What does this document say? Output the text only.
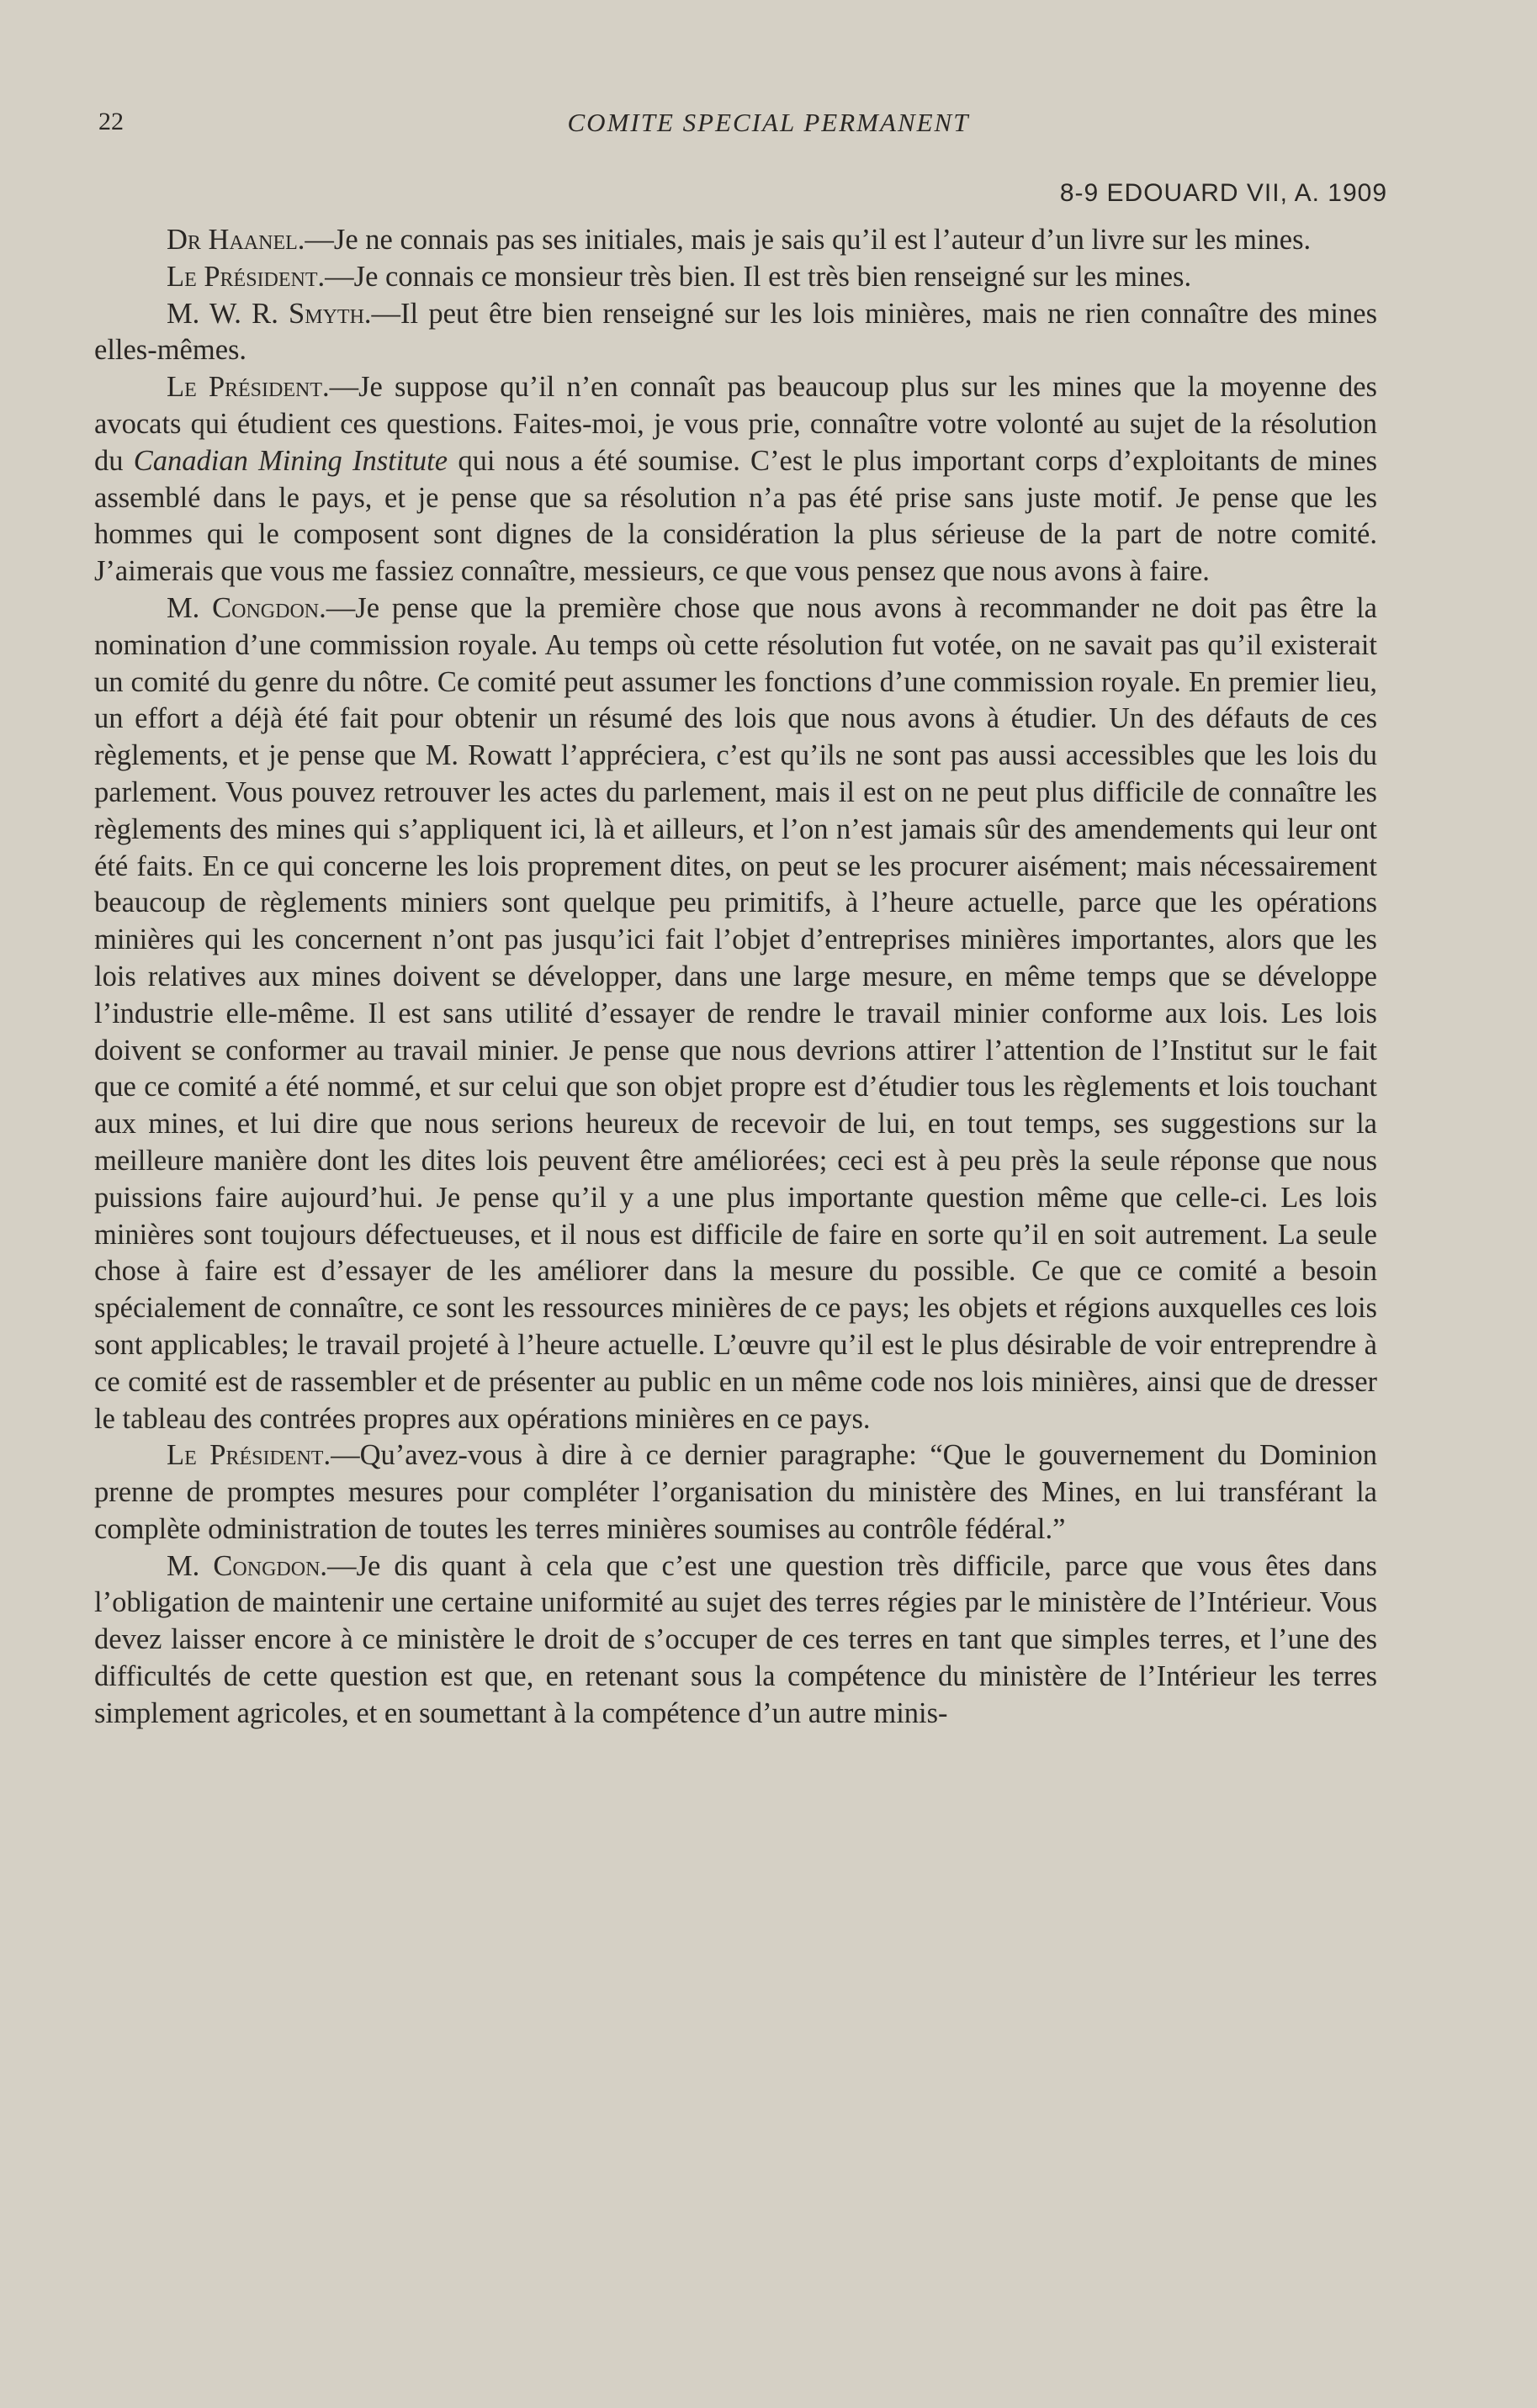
22	COMITE SPECIAL PERMANENT
8-9 EDOUARD VII, A. 1909

Dr Haanel.—Je ne connais pas ses initiales, mais je sais qu’il est l’auteur d’un livre sur les mines.

Le Président.—Je connais ce monsieur très bien. Il est très bien renseigné sur les mines.

M. W. R. Smyth.—Il peut être bien renseigné sur les lois minières, mais ne rien connaître des mines elles-mêmes.

Le Président.—Je suppose qu’il n’en connaît pas beaucoup plus sur les mines que la moyenne des avocats qui étudient ces questions. Faites-moi, je vous prie, connaître votre volonté au sujet de la résolution du Canadian Mining Institute qui nous a été soumise. C’est le plus important corps d’exploitants de mines assemblé dans le pays, et je pense que sa résolution n’a pas été prise sans juste motif. Je pense que les hommes qui le composent sont dignes de la considération la plus sérieuse de la part de notre comité. J’aimerais que vous me fassiez connaître, messieurs, ce que vous pensez que nous avons à faire.

M. Congdon.—Je pense que la première chose que nous avons à recommander ne doit pas être la nomination d’une commission royale. Au temps où cette résolution fut votée, on ne savait pas qu’il existerait un comité du genre du nôtre. Ce comité peut assumer les fonctions d’une commission royale. En premier lieu, un effort a déjà été fait pour obtenir un résumé des lois que nous avons à étudier. Un des défauts de ces règlements, et je pense que M. Rowatt l’appréciera, c’est qu’ils ne sont pas aussi accessibles que les lois du parlement. Vous pouvez retrouver les actes du parlement, mais il est on ne peut plus difficile de connaître les règlements des mines qui s’appliquent ici, là et ailleurs, et l’on n’est jamais sûr des amendements qui leur ont été faits. En ce qui concerne les lois proprement dites, on peut se les procurer aisément; mais nécessairement beaucoup de règlements miniers sont quelque peu primitifs, à l’heure actuelle, parce que les opérations minières qui les concernent n’ont pas jusqu’ici fait l’objet d’entreprises minières importantes, alors que les lois relatives aux mines doivent se développer, dans une large mesure, en même temps que se développe l’industrie elle-même. Il est sans utilité d’essayer de rendre le travail minier conforme aux lois. Les lois doivent se conformer au travail minier. Je pense que nous devrions attirer l’attention de l’Institut sur le fait que ce comité a été nommé, et sur celui que son objet propre est d’étudier tous les règlements et lois touchant aux mines, et lui dire que nous serions heureux de recevoir de lui, en tout temps, ses suggestions sur la meilleure manière dont les dites lois peuvent être améliorées; ceci est à peu près la seule réponse que nous puissions faire aujourd’hui. Je pense qu’il y a une plus importante question même que celle-ci. Les lois minières sont toujours défectueuses, et il nous est difficile de faire en sorte qu’il en soit autrement. La seule chose à faire est d’essayer de les améliorer dans la mesure du possible. Ce que ce comité a besoin spécialement de connaître, ce sont les ressources minières de ce pays; les objets et régions auxquelles ces lois sont applicables; le travail projeté à l’heure actuelle. L’œuvre qu’il est le plus désirable de voir entreprendre à ce comité est de rassembler et de présenter au public en un même code nos lois minières, ainsi que de dresser le tableau des contrées propres aux opérations minières en ce pays.

Le Président.—Qu’avez-vous à dire à ce dernier paragraphe: “Que le gouvernement du Dominion prenne de promptes mesures pour compléter l’organisation du ministère des Mines, en lui transférant la complète odministration de toutes les terres minières soumises au contrôle fédéral.”

M. Congdon.—Je dis quant à cela que c’est une question très difficile, parce que vous êtes dans l’obligation de maintenir une certaine uniformité au sujet des terres régies par le ministère de l’Intérieur. Vous devez laisser encore à ce ministère le droit de s’occuper de ces terres en tant que simples terres, et l’une des difficultés de cette question est que, en retenant sous la compétence du ministère de l’Intérieur les terres simplement agricoles, et en soumettant à la compétence d’un autre minis-
